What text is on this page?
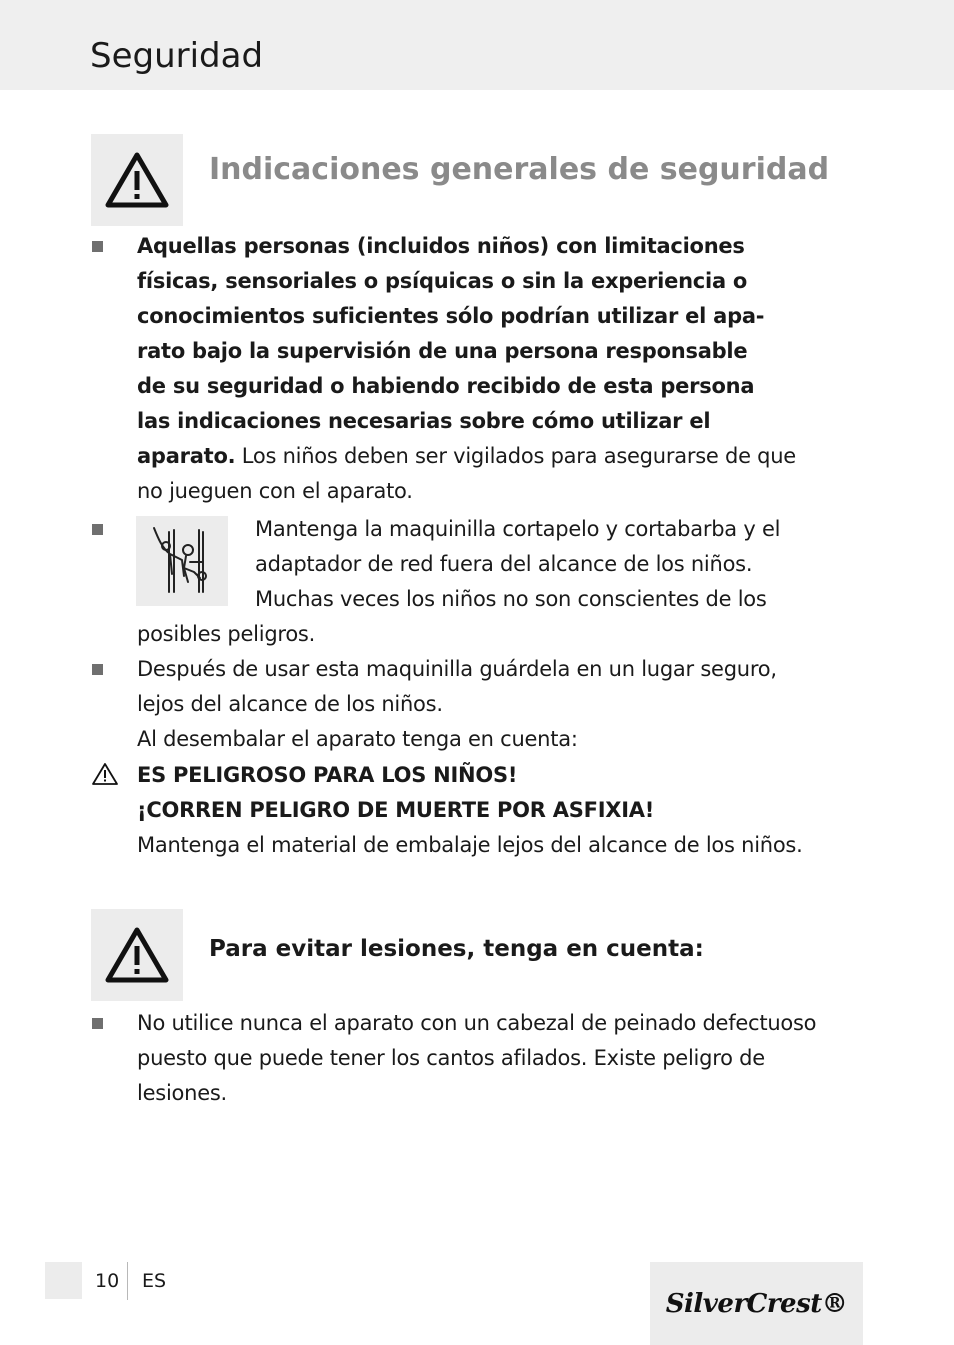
Seguridad
Indicaciones generales de seguridad

Aquellas personas (incluidos niños) con limitaciones
físicas, sensoriales o psíquicas o sin la experiencia o
conocimientos suficientes sólo podrían utilizar el apa-
rato bajo la supervisión de una persona responsable
de su seguridad o habiendo recibido de esta persona
las indicaciones necesarias sobre cómo utilizar el
aparato. Los niños deben ser vigilados para asegurarse de que
no jueguen con el aparato.

Mantenga la maquinilla cortapelo y cortabarba y el
adaptador de red fuera del alcance de los niños.
Muchas veces los niños no son conscientes de los

posibles peligros.

Después de usar esta maquinilla guárdela en un lugar seguro,
lejos del alcance de los niños.
Al desembalar el aparato tenga en cuenta:

ES PELIGROSO PARA LOS NIÑOS!
¡CORREN PELIGRO DE MUERTE POR ASFIXIA!
Mantenga el material de embalaje lejos del alcance de los niños.

Para evitar lesiones, tenga en cuenta:

No utilice nunca el aparato con un cabezal de peinado defectuoso
puesto que puede tener los cantos afilados. Existe peligro de
lesiones.

10 ES
SilverCrest®
